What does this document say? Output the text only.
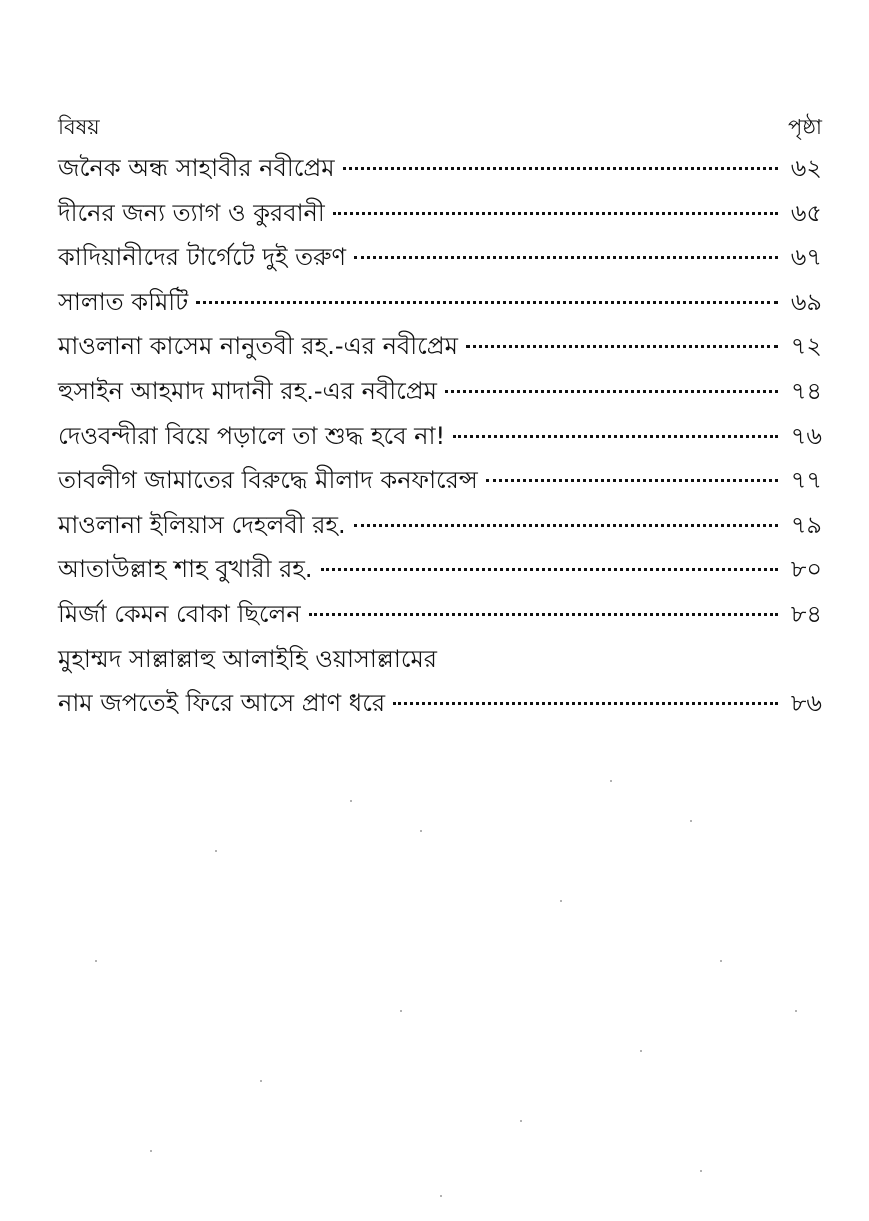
বিষয়	পৃষ্ঠা
জনৈক অন্ধ সাহাবীর নবীপ্রেম	৬২
দীনের জন্য ত্যাগ ও কুরবানী	৬৫
কাদিয়ানীদের টার্গেটে দুই তরুণ	৬৭
সালাত কমিটি	৬৯
মাওলানা কাসেম নানুতবী রহ.-এর নবীপ্রেম	৭২
হুসাইন আহমাদ মাদানী রহ.-এর নবীপ্রেম	৭৪
দেওবন্দীরা বিয়ে পড়ালে তা শুদ্ধ হবে না!	৭৬
তাবলীগ জামাতের বিরুদ্ধে মীলাদ কনফারেন্স	৭৭
মাওলানা ইলিয়াস দেহলবী রহ.	৭৯
আতাউল্লাহ শাহ বুখারী রহ.	৮০
মির্জা কেমন বোকা ছিলেন	৮৪
মুহাম্মদ সাল্লাল্লাহু আলাইহি ওয়াসাল্লামের
নাম জপতেই ফিরে আসে প্রাণ ধরে	৮৬
